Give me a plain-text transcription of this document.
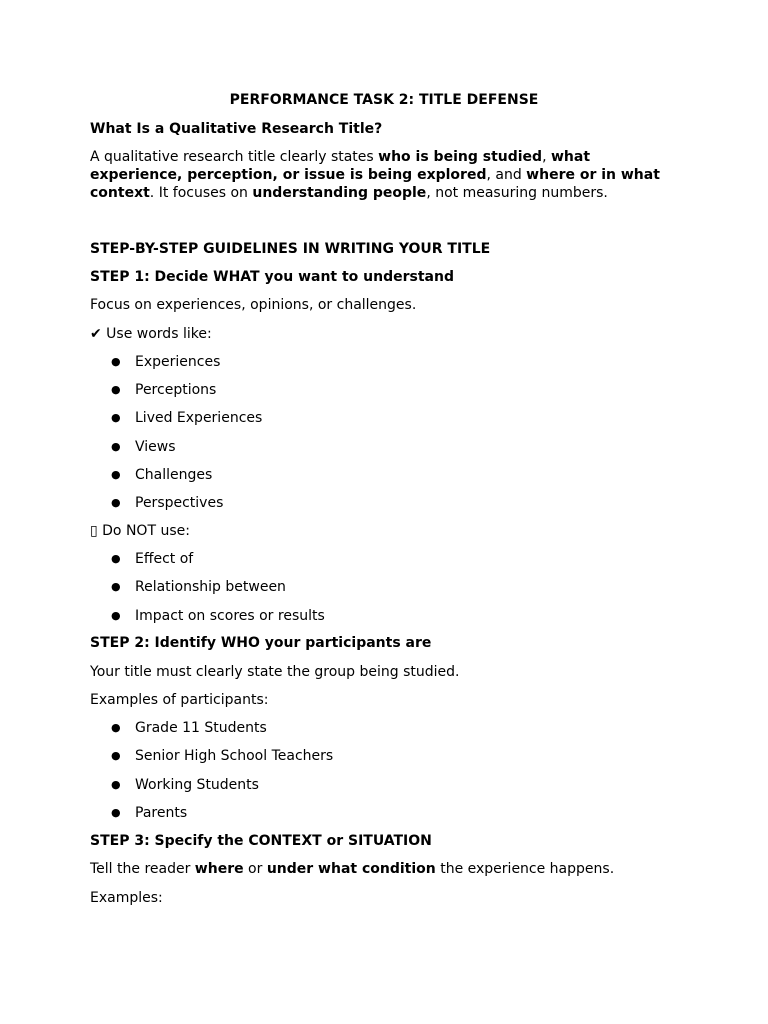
PERFORMANCE TASK 2: TITLE DEFENSE
What Is a Qualitative Research Title?
A qualitative research title clearly states who is being studied, what experience, perception, or issue is being explored, and where or in what context. It focuses on understanding people, not measuring numbers.
STEP-BY-STEP GUIDELINES IN WRITING YOUR TITLE
STEP 1: Decide WHAT you want to understand
Focus on experiences, opinions, or challenges.
✔ Use words like:
● Experiences
● Perceptions
● Lived Experiences
● Views
● Challenges
● Perspectives
▯ Do NOT use:
● Effect of
● Relationship between
● Impact on scores or results
STEP 2: Identify WHO your participants are
Your title must clearly state the group being studied.
Examples of participants:
● Grade 11 Students
● Senior High School Teachers
● Working Students
● Parents
STEP 3: Specify the CONTEXT or SITUATION
Tell the reader where or under what condition the experience happens.
Examples:
